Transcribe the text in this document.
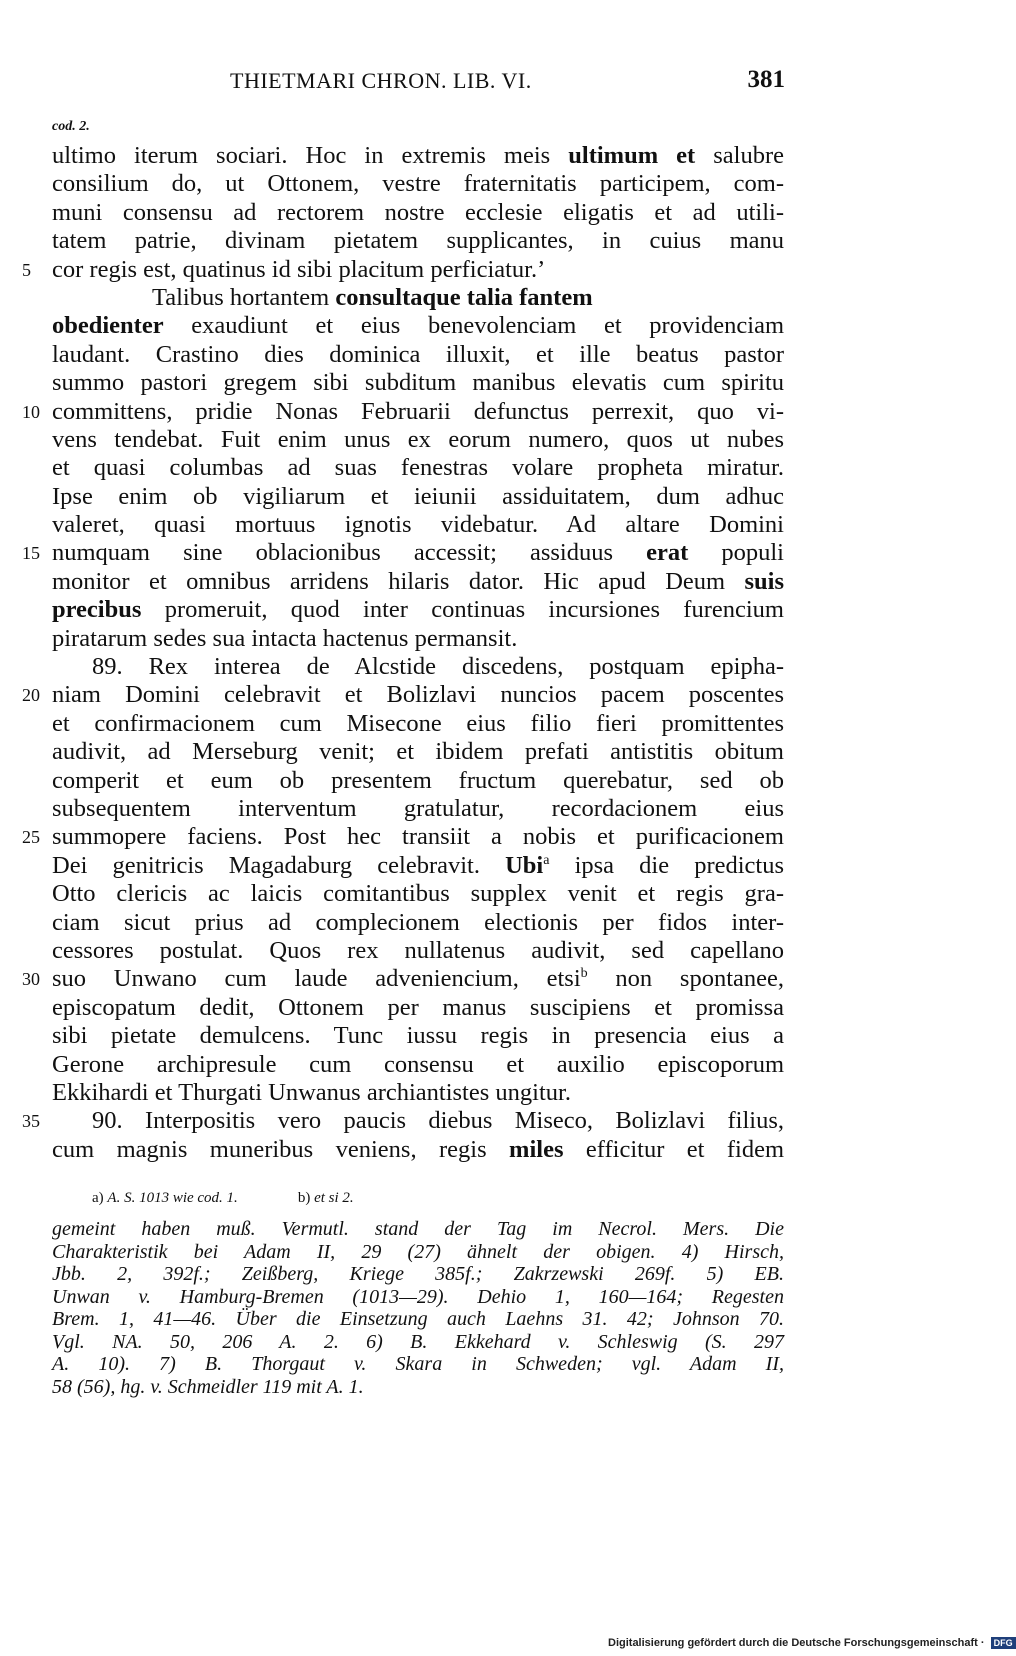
THIETMARI CHRON. LIB. VI.	381
cod. 2.
ultimo iterum sociari. Hoc in extremis meis ultimum et salubre
consilium do, ut Ottonem, vestre fraternitatis participem, com-
muni consensu ad rectorem nostre ecclesie eligatis et ad utili-
tatem patrie, divinam pietatem supplicantes, in cuius manu
5 cor regis est, quatinus id sibi placitum perficiatur.’
Talibus hortantem consultaque talia fantem
obedienter exaudiunt et eius benevolenciam et providenciam
laudant. Crastino dies dominica illuxit, et ille beatus pastor
summo pastori gregem sibi subditum manibus elevatis cum spiritu
10 committens, pridie Nonas Februarii defunctus perrexit, quo vi-
vens tendebat. Fuit enim unus ex eorum numero, quos ut nubes
et quasi columbas ad suas fenestras volare propheta miratur.
Ipse enim ob vigiliarum et ieiunii assiduitatem, dum adhuc
valeret, quasi mortuus ignotis videbatur. Ad altare Domini
15 numquam sine oblacionibus accessit; assiduus erat populi
monitor et omnibus arridens hilaris dator. Hic apud Deum suis
precibus promeruit, quod inter continuas incursiones furencium
piratarum sedes sua intacta hactenus permansit.
89. Rex interea de Alcstide discedens, postquam epipha-
20 niam Domini celebravit et Bolizlavi nuncios pacem poscentes
et confirmacionem cum Misecone eius filio fieri promittentes
audivit, ad Merseburg venit; et ibidem prefati antistitis obitum
comperit et eum ob presentem fructum querebatur, sed ob
subsequentem interventum gratulatur, recordacionem eius
25 summopere faciens. Post hec transiit a nobis et purificacionem
Dei genitricis Magadaburg celebravit. Ubi$^a$ ipsa die predictus
Otto clericis ac laicis comitantibus supplex venit et regis gra-
ciam sicut prius ad complecionem electionis per fidos inter-
cessores postulat. Quos rex nullatenus audivit, sed capellano
30 suo Unwano cum laude adveniencium, etsi$^b$ non spontanee,
episcopatum dedit, Ottonem per manus suscipiens et promissa
sibi pietate demulcens. Tunc iussu regis in presencia eius a
Gerone archipresule cum consensu et auxilio episcoporum
Ekkihardi et Thurgati Unwanus archiantistes ungitur.
35	90. Interpositis vero paucis diebus Miseco, Bolizlavi filius,
cum magnis muneribus veniens, regis miles efficitur et fidem
a) A. S. 1013 wie cod. 1.	b) et si 2.
gemeint haben muß. Vermutl. stand der Tag im Necrol. Mers. Die
Charakteristik bei Adam II, 29 (27) ähnelt der obigen. 4) Hirsch,
Jbb. 2, 392f.; Zeißberg, Kriege 385f.; Zakrzewski 269f. 5) EB.
Unwan v. Hamburg-Bremen (1013—29). Dehio 1, 160—164; Regesten
Brem. 1, 41—46. Über die Einsetzung auch Laehns 31. 42; Johnson 70.
Vgl. NA. 50, 206 A. 2. 6) B. Ekkehard v. Schleswig (S. 297
A. 10). 7) B. Thorgaut v. Skara in Schweden; vgl. Adam II,
58 (56), hg. v. Schmeidler 119 mit A. 1.
Digitalisierung gefördert durch die Deutsche Forschungsgemeinschaft · DFG
